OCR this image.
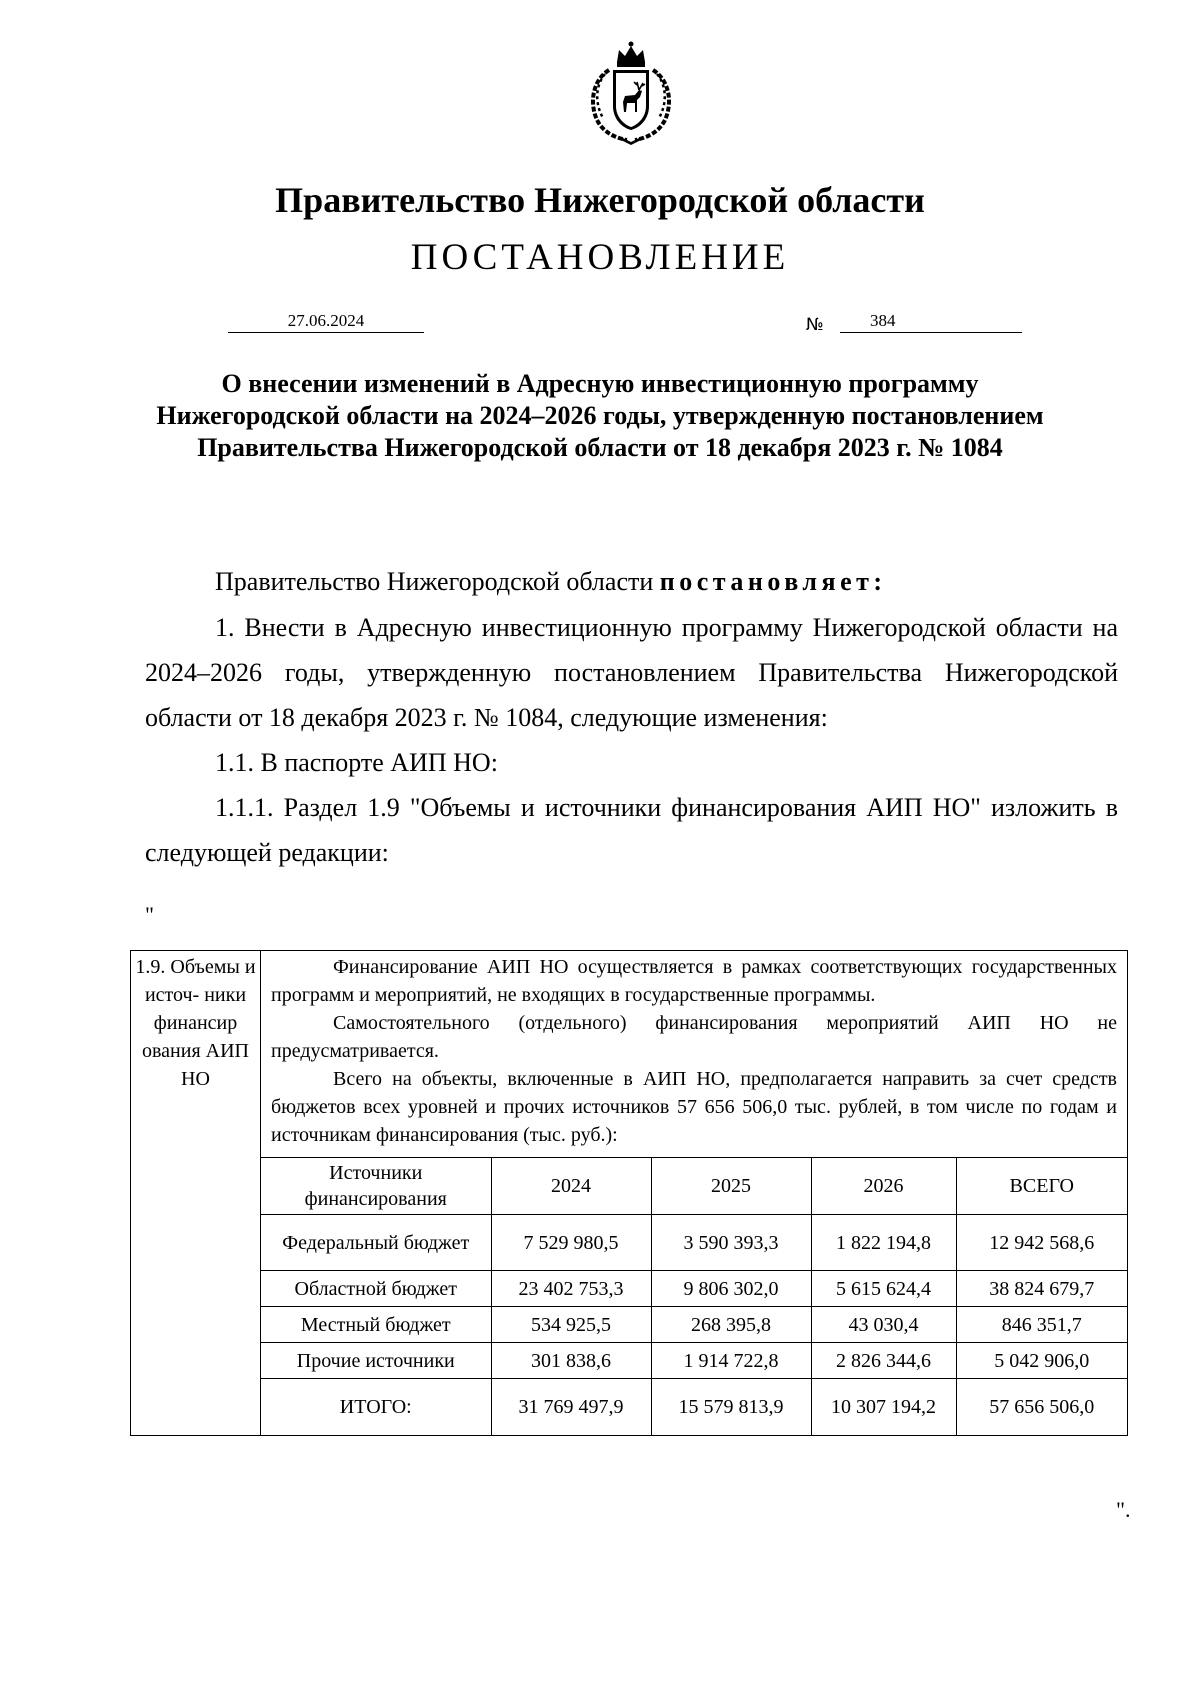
Правительство Нижегородской области
ПОСТАНОВЛЕНИЕ
27.06.2024	№	384
О внесении изменений в Адресную инвестиционную программу Нижегородской области на 2024–2026 годы, утвержденную постановлением Правительства Нижегородской области от 18 декабря 2023 г. № 1084
Правительство Нижегородской области постановляет:
1. Внести в Адресную инвестиционную программу Нижегородской области на 2024–2026 годы, утвержденную постановлением Правительства Нижегородской области от 18 декабря 2023 г. № 1084, следующие изменения:
1.1. В паспорте АИП НО:
1.1.1. Раздел 1.9 "Объемы и источники финансирования АИП НО" изложить в следующей редакции:
"
1.9. Объемы и источ- ники финансир ования АИП НО	

Финансирование АИП НО осуществляется в рамках соответствующих государственных программ и мероприятий, не входящих в государственные программы.

Самостоятельного (отдельного) финансирования мероприятий АИП НО не предусматривается.

Всего на объекты, включенные в АИП НО, предполагается направить за счет средств бюджетов всех уровней и прочих источников 57 656 506,0 тыс. рублей, в том числе по годам и источникам финансирования (тыс. руб.):

Источники финансирования	2024	2025	2026	ВСЕГО
Федеральный бюджет	7 529 980,5	3 590 393,3	1 822 194,8	12 942 568,6
Областной бюджет	23 402 753,3	9 806 302,0	5 615 624,4	38 824 679,7
Местный бюджет	534 925,5	268 395,8	43 030,4	846 351,7
Прочие источники	301 838,6	1 914 722,8	2 826 344,6	5 042 906,0
ИТОГО:	31 769 497,9	15 579 813,9	10 307 194,2	57 656 506,0
".
